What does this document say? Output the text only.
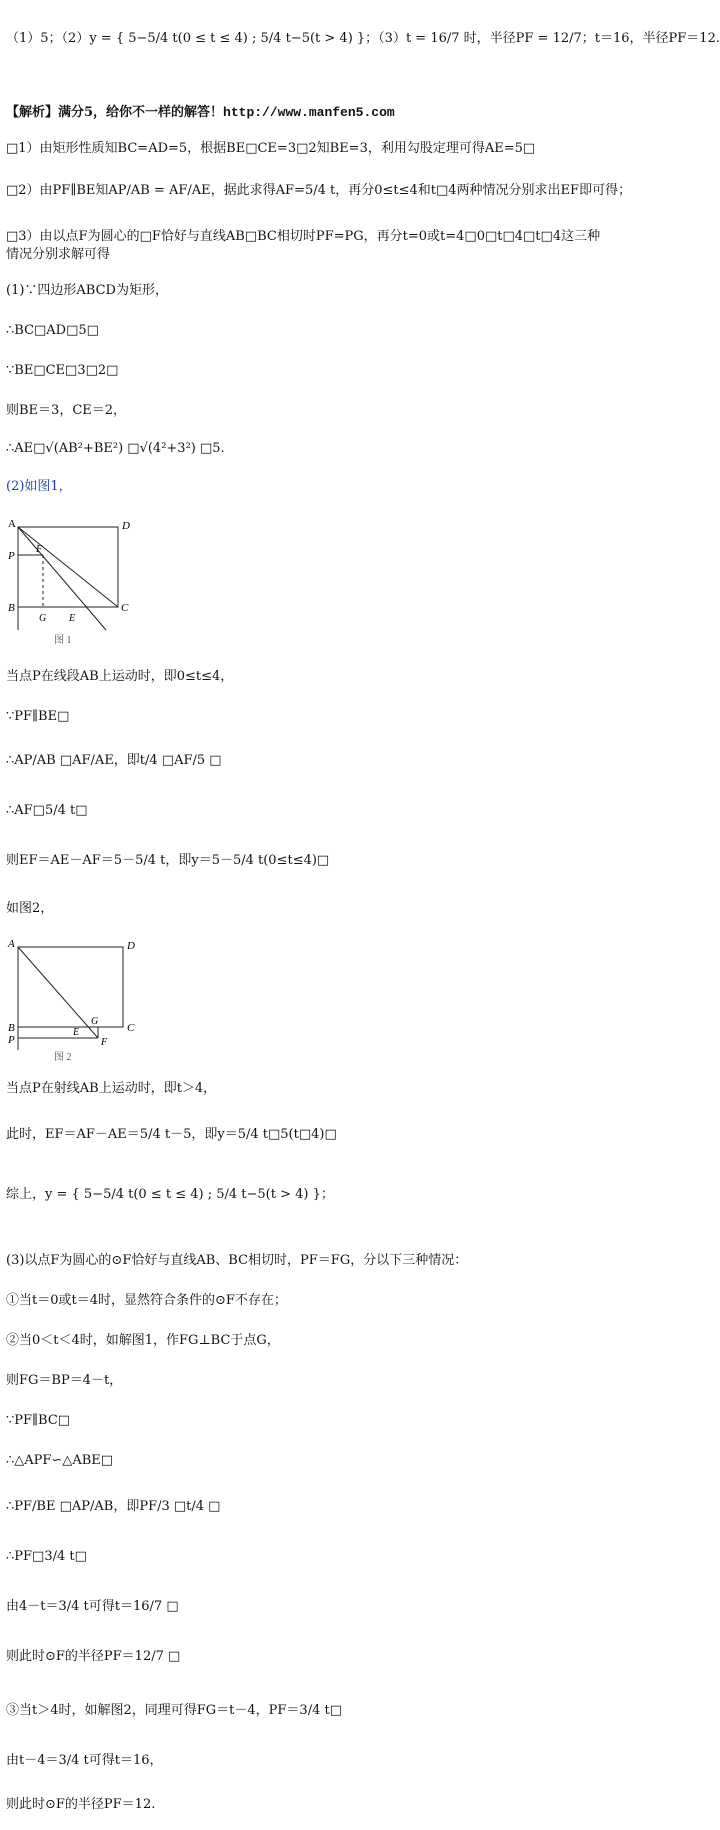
（1）5；（2）y = { 5−5/4 t(0 ≤ t ≤ 4) ; 5/4 t−5(t > 4) }；（3）t = 16/7 时，半径PF = 12/7；t＝16，半径PF＝12.
【解析】满分5，给你不一样的解答！http://www.manfen5.com
□1）由矩形性质知BC=AD=5，根据BE□CE=3□2知BE=3，利用勾股定理可得AE=5□
□2）由PF∥BE知AP/AB = AF/AE，据此求得AF=5/4 t，再分0≤t≤4和t□4两种情况分别求出EF即可得；
□3）由以点F为圆心的□F恰好与直线AB□BC相切时PF=PG，再分t=0或t=4□0□t□4□t□4这三种
情况分别求解可得
(1)∵四边形ABCD为矩形，
∴BC□AD□5□
∵BE□CE□3□2□
则BE＝3，CE＝2，
∴AE□√(AB²+BE²) □√(4²+3²) □5.
(2)如图1，
A	D
P
F
B
G E
C
图 1
当点P在线段AB上运动时，即0≤t≤4，
∵PF∥BE□
∴AP/AB □AF/AE，即t/4 □AF/5 □
∴AF□5/4 t□
则EF＝AE－AF＝5－5/4 t，即y＝5－5/4 t(0≤t≤4)□
如图2，
A	D
B
G
C
P
E
F
图 2
当点P在射线AB上运动时，即t＞4，
此时，EF＝AF－AE＝5/4 t－5，即y＝5/4 t□5(t□4)□
综上，y = { 5−5/4 t(0 ≤ t ≤ 4) ; 5/4 t−5(t > 4) }；
(3)以点F为圆心的⊙F恰好与直线AB、BC相切时，PF＝FG，分以下三种情况：
①当t＝0或t＝4时，显然符合条件的⊙F不存在；
②当0＜t＜4时，如解图1，作FG⊥BC于点G，
则FG＝BP＝4－t，
∵PF∥BC□
∴△APF∽△ABE□
∴PF/BE □AP/AB，即PF/3 □t/4 □
∴PF□3/4 t□
由4－t＝3/4 t可得t＝16/7 □
则此时⊙F的半径PF＝12/7 □
③当t＞4时，如解图2，同理可得FG＝t－4，PF＝3/4 t□
由t－4＝3/4 t可得t＝16，
则此时⊙F的半径PF＝12.
